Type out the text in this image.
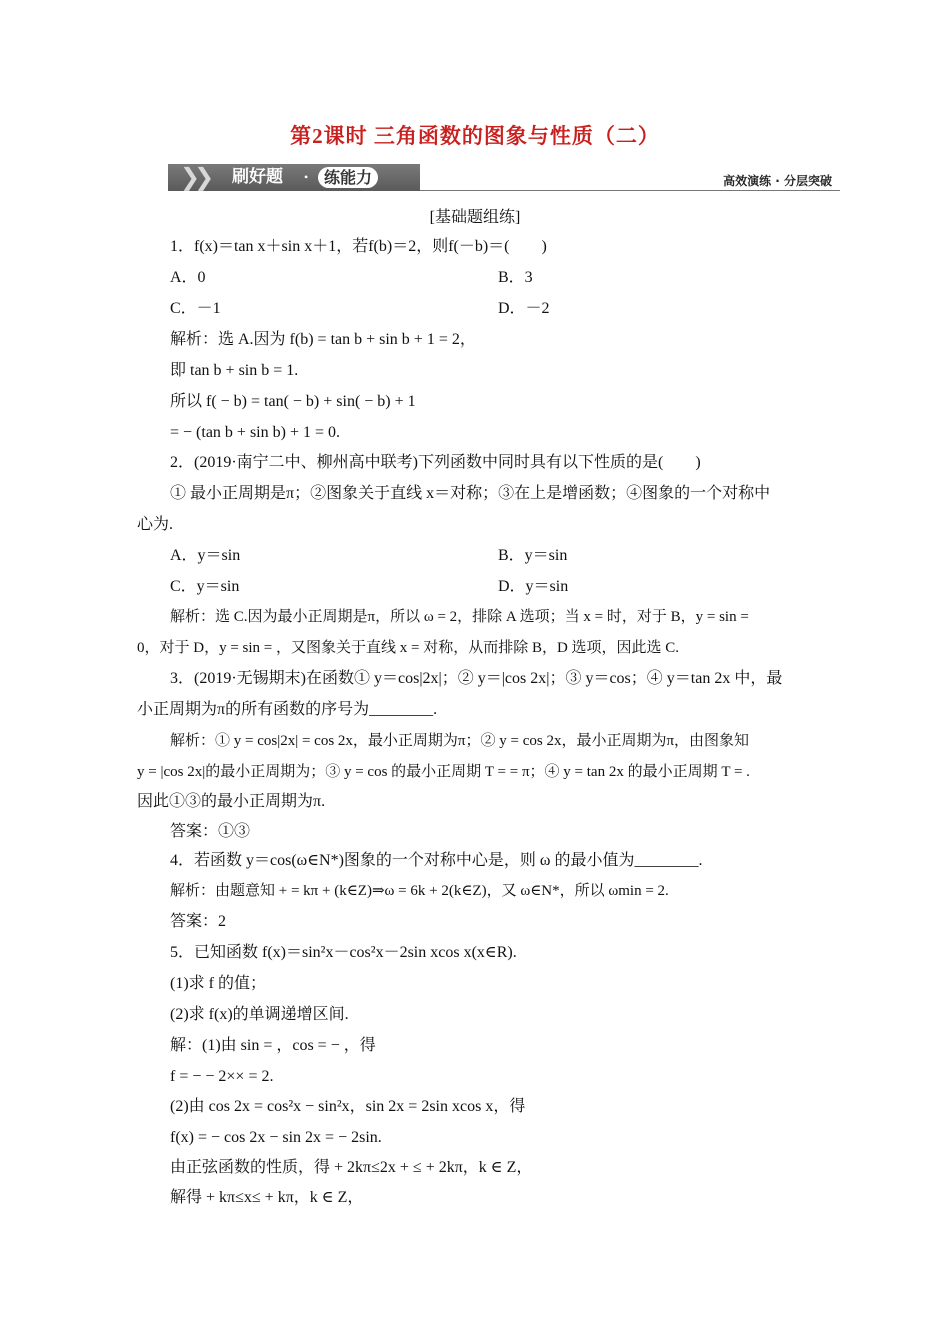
第2课时 三角函数的图象与性质（二）
❯❯ 刷好题 • 练能力	高效演练 · 分层突破
[基础题组练]
1．f(x)＝tan x＋sin x＋1，若f(b)＝2，则f(－b)＝(　　)
A．0	B．3
C．－1	D．－2
解析：选 A.因为 f(b) = tan b + sin b + 1 = 2，
即 tan b + sin b = 1.
所以 f( − b) = tan( − b) + sin( − b) + 1
= − (tan b + sin b) + 1 = 0.
2．(2019·南宁二中、柳州高中联考)下列函数中同时具有以下性质的是(　　)
① 最小正周期是π；②图象关于直线 x＝对称；③在上是增函数；④图象的一个对称中
心为.
A．y＝sin	B．y＝sin
C．y＝sin	D．y＝sin
解析：选 C.因为最小正周期是π，所以 ω = 2，排除 A 选项；当 x = 时，对于 B，y = sin =
0，对于 D，y = sin = ，又图象关于直线 x = 对称，从而排除 B，D 选项，因此选 C.
3．(2019·无锡期末)在函数① y＝cos|2x|；② y＝|cos 2x|；③ y＝cos；④ y＝tan 2x 中，最
小正周期为π的所有函数的序号为________.
解析：① y = cos|2x| = cos 2x，最小正周期为π；② y = cos 2x，最小正周期为π，由图象知
y = |cos 2x|的最小正周期为；③ y = cos 的最小正周期 T = = π；④ y = tan 2x 的最小正周期 T = .
因此①③的最小正周期为π.
答案：①③
4．若函数 y＝cos(ω∈N*)图象的一个对称中心是，则 ω 的最小值为________.
解析：由题意知 + = kπ + (k∈Z)⇒ω = 6k + 2(k∈Z)，又 ω∈N*，所以 ωmin = 2.
答案：2
5．已知函数 f(x)＝sin²x－cos²x－2sin xcos x(x∈R).
(1)求 f 的值；
(2)求 f(x)的单调递增区间.
解：(1)由 sin = ，cos = − ，得
f = − − 2×× = 2.
(2)由 cos 2x = cos²x − sin²x，sin 2x = 2sin xcos x，得
f(x) = − cos 2x − sin 2x = − 2sin.
由正弦函数的性质，得 + 2kπ≤2x + ≤ + 2kπ，k ∈ Z，
解得 + kπ≤x≤ + kπ，k ∈ Z，
